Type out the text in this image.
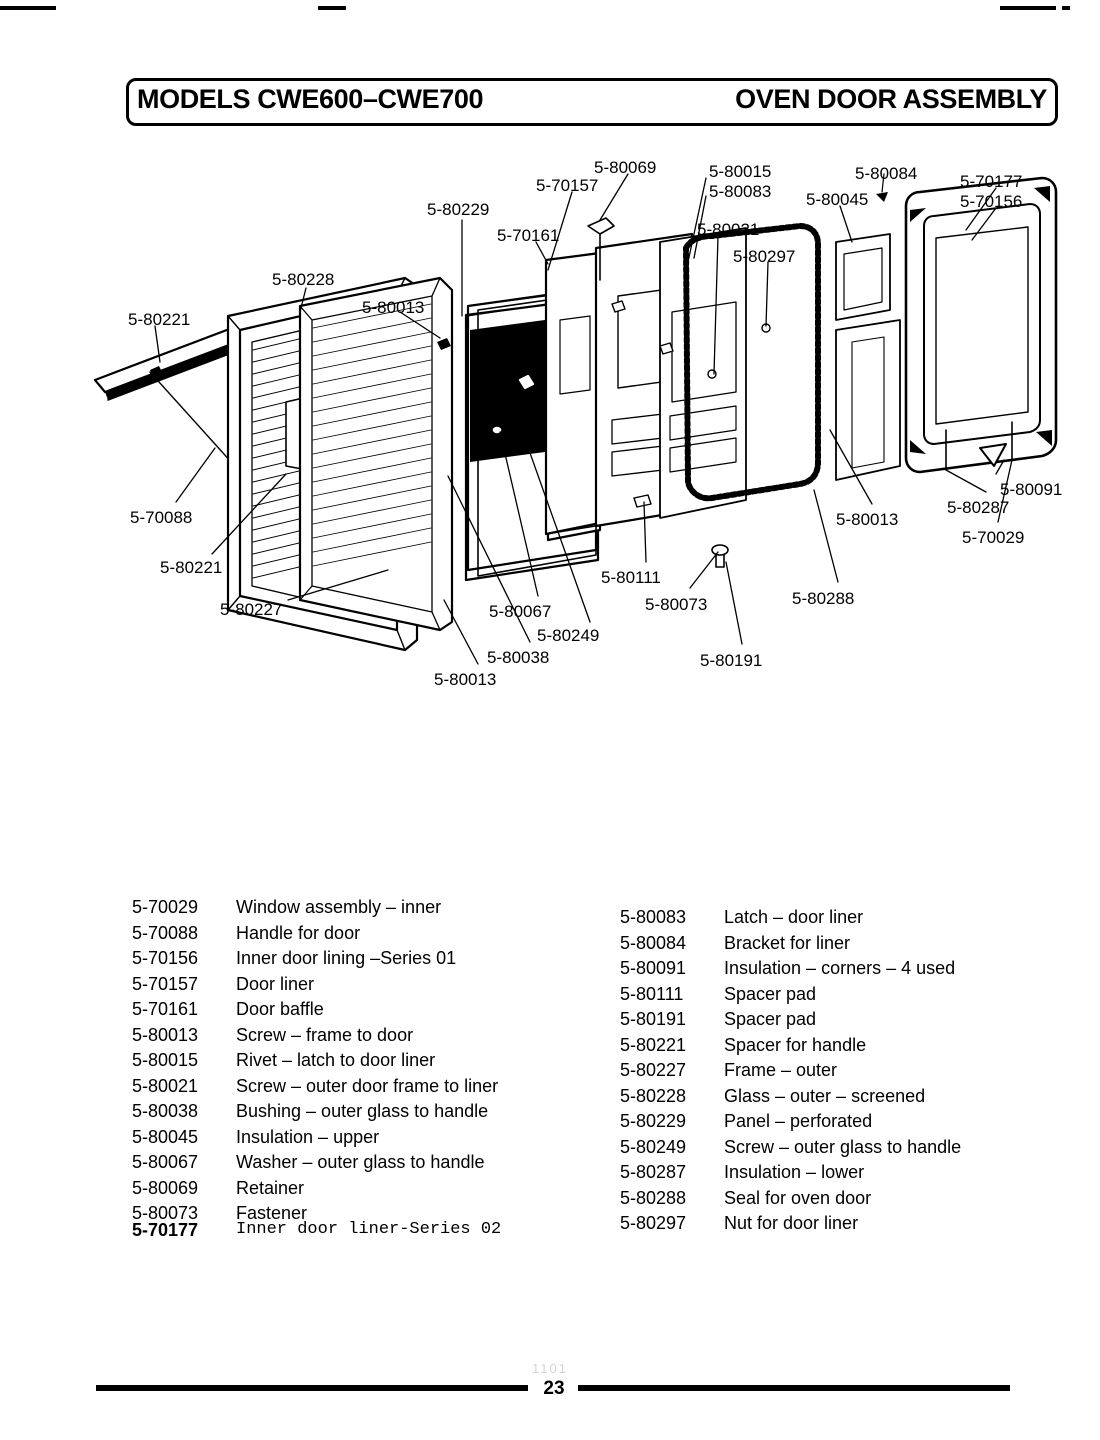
MODELS CWE600–CWE700	OVEN DOOR ASSEMBLY
5-80221
5-80228
5-80013
5-80229
5-70161
5-70157
5-80069	5-80015
5-80083
5-80021
5-80297
5-80045
5-80084	5-70177
5-70156
5-80091
5-80287
5-70029
5-80013
5-80288
5-80191
5-80073
5-80111
5-80249
5-80067
5-80038
5-80013
5-80227
5-80221
5-70088
5-70029	Window assembly – inner
5-70088	Handle for door
5-70156	Inner door lining –Series 01
5-70157	Door liner
5-70161	Door baffle
5-80013	Screw – frame to door
5-80015	Rivet – latch to door liner
5-80021	Screw – outer door frame to liner
5-80038	Bushing – outer glass to handle
5-80045	Insulation – upper
5-80067	Washer – outer glass to handle
5-80069	Retainer
5-80073	Fastener
5-80083	Latch – door liner
5-80084	Bracket for liner
5-80091	Insulation – corners – 4 used
5-80111	Spacer pad
5-80191	Spacer pad
5-80221	Spacer for handle
5-80227	Frame – outer
5-80228	Glass – outer – screened
5-80229	Panel – perforated
5-80249	Screw – outer glass to handle
5-80287	Insulation – lower
5-80288	Seal for oven door
5-80297	Nut for door liner
5-70177	Inner door liner-Series 02
1101
23
